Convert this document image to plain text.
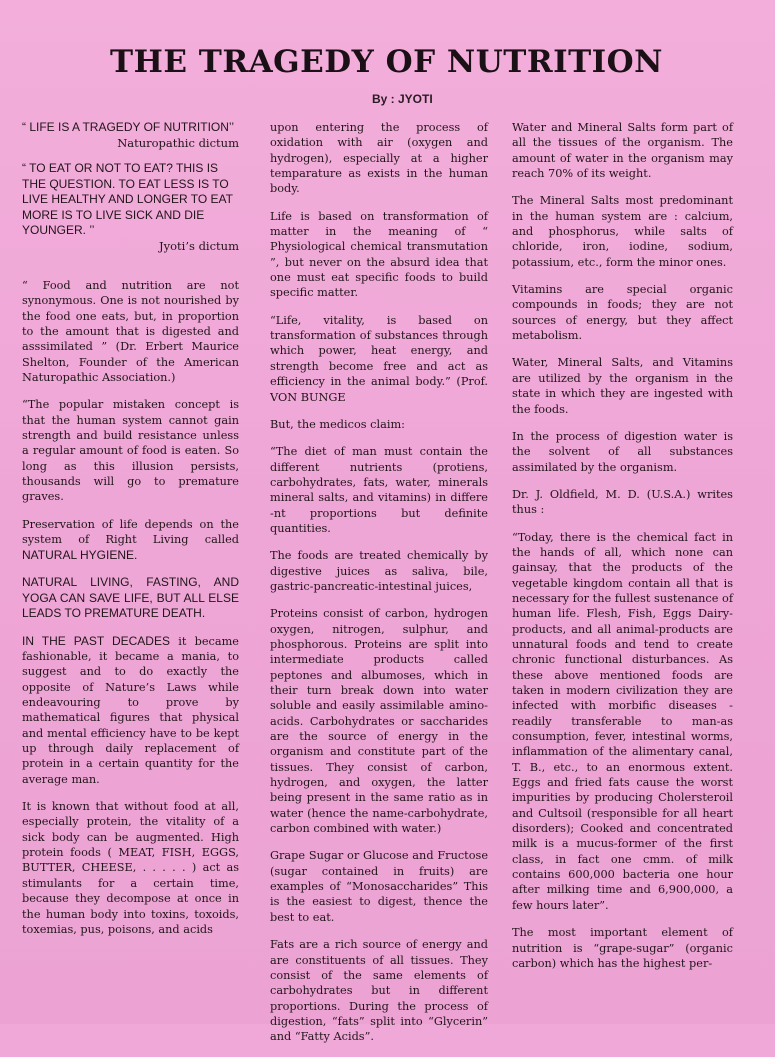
THE TRAGEDY OF NUTRITION
By : JYOTI
“ LIFE IS A TRAGEDY OF NUTRITION’’
Naturopathic dictum
“ TO EAT OR NOT TO EAT? THIS IS THE QUESTION. TO EAT LESS IS TO LIVE HEALTHY AND LONGER TO EAT MORE IS TO LIVE SICK AND DIE YOUNGER. ’’
Jyoti’s dictum

“ Food and nutrition are not synonymous. One is not nourished by the food one eats, but, in proportion to the amount that is digested and asssimilated ” (Dr. Erbert Maurice Shelton, Founder of the American Naturopathic Association.)

“The popular mistaken concept is that the human system cannot gain strength and build resistance unless a regular amount of food is eaten. So long as this illusion persists, thousands will go to premature graves.

Preservation of life depends on the system of Right Living called NATURAL HYGIENE.

NATURAL LIVING, FASTING, AND YOGA CAN SAVE LIFE, BUT ALL ELSE LEADS TO PREMATURE DEATH.

IN THE PAST DECADES it became fashionable, it became a mania, to suggest and to do exactly the opposite of Nature’s Laws while endeavouring to prove by mathematical figures that physical and mental efficiency have to be kept up through daily replacement of protein in a certain quantity for the average man.

It is known that without food at all, especially protein, the vitality of a sick body can be augmented. High protein foods ( MEAT, FISH, EGGS, BUTTER, CHEESE, . . . . . ) act as stimulants for a certain time, because they decompose at once in the human body into toxins, toxoids, toxemias, pus, poisons, and acids

upon entering the process of oxidation with air (oxygen and hydrogen), especially at a higher temparature as exists in the human body.

Life is based on transformation of matter in the meaning of “ Physiological chemical transmutation ”, but never on the absurd idea that one must eat specific foods to build specific matter.

“Life, vitality, is based on transformation of substances through which power, heat energy, and strength become free and act as efficiency in the animal body.” (Prof. VON BUNGE

But, the medicos claim:

“The diet of man must contain the different nutrients (protiens, carbohydrates, fats, water, minerals mineral salts, and vitamins) in differe -nt proportions but definite quantities.

The foods are treated chemically by digestive juices as saliva, bile, gastric-pancreatic-intestinal juices,

Proteins consist of carbon, hydrogen oxygen, nitrogen, sulphur, and phosphorous. Proteins are split into intermediate products called peptones and albumoses, which in their turn break down into water soluble and easily assimilable amino-acids. Carbohydrates or saccharides are the source of energy in the organism and constitute part of the tissues. They consist of carbon, hydrogen, and oxygen, the latter being present in the same ratio as in water (hence the name-carbohydrate, carbon combined with water.)

Grape Sugar or Glucose and Fructose (sugar contained in fruits) are examples of “Monosaccharides” This is the easiest to digest, thence the best to eat.

Fats are a rich source of energy and are constituents of all tissues. They consist of the same elements of carbohydrates but in different proportions. During the process of digestion, “fats” split into “Glycerin” and “Fatty Acids”.

Water and Mineral Salts form part of all the tissues of the organism. The amount of water in the organism may reach 70% of its weight.

The Mineral Salts most predominant in the human system are : calcium, and phosphorus, while salts of chloride, iron, iodine, sodium, potassium, etc., form the minor ones.

Vitamins are special organic compounds in foods; they are not sources of energy, but they affect metabolism.

Water, Mineral Salts, and Vitamins are utilized by the organism in the state in which they are ingested with the foods.

In the process of digestion water is the solvent of all substances assimilated by the organism.

Dr. J. Oldfield, M. D. (U.S.A.) writes thus :

“Today, there is the chemical fact in the hands of all, which none can gainsay, that the products of the vegetable kingdom contain all that is necessary for the fullest sustenance of human life. Flesh, Fish, Eggs Dairy-products, and all animal-products are unnatural foods and tend to create chronic functional disturbances. As these above mentioned foods are taken in modern civilization they are infected with morbific diseases - readily transferable to man-as consumption, fever, intestinal worms, inflammation of the alimentary canal, T. B., etc., to an enormous extent. Eggs and fried fats cause the worst impurities by producing Cholersteroil and Cultsoil (responsible for all heart disorders); Cooked and concentrated milk is a mucus-former of the first class, in fact one cmm. of milk contains 600,000 bacteria one hour after milking time and 6,900,000, a few hours later”.

The most important element of nutrition is “grape-sugar” (organic carbon) which has the highest per-
